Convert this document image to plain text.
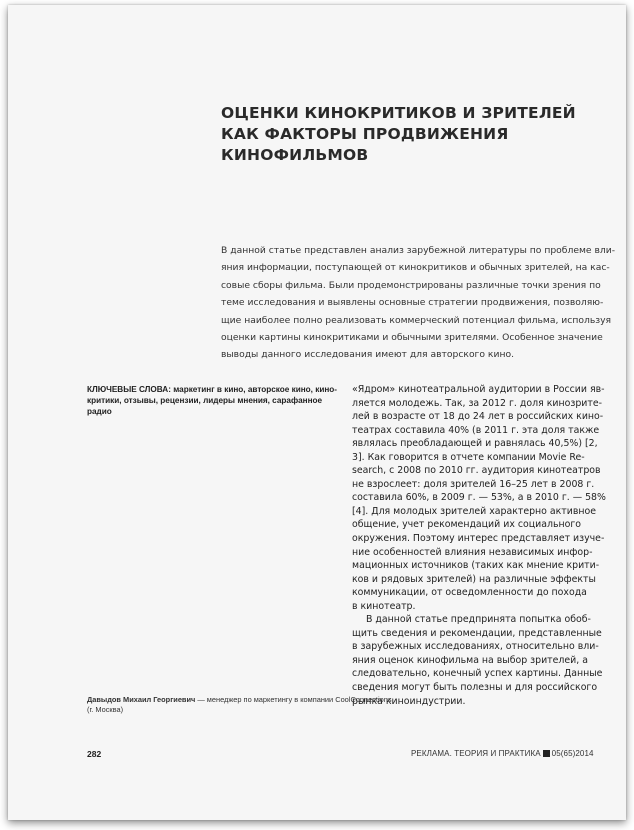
ОЦЕНКИ КИНОКРИТИКОВ И ЗРИТЕЛЕЙ
КАК ФАКТОРЫ ПРОДВИЖЕНИЯ
КИНОФИЛЬМОВ
В данной статье представлен анализ зарубежной литературы по проблеме вли-
яния информации, поступающей от кинокритиков и обычных зрителей, на кас-
совые сборы фильма. Были продемонстрированы различные точки зрения по
теме исследования и выявлены основные стратегии продвижения, позволяю-
щие наиболее полно реализовать коммерческий потенциал фильма, используя
оценки картины кинокритиками и обычными зрителями. Особенное значение
выводы данного исследования имеют для авторского кино.
КЛЮЧЕВЫЕ СЛОВА: маркетинг в кино, авторское кино, кино-
критики, отзывы, рецензии, лидеры мнения, сарафанное
радио
«Ядром» кинотеатральной аудитории в России яв-
ляется молодежь. Так, за 2012 г. доля кинозрите-
лей в возрасте от 18 до 24 лет в российских кино-
театрах составила 40% (в 2011 г. эта доля также
являлась преобладающей и равнялась 40,5%) [2,
3]. Как говорится в отчете компании Movie Re-
search, с 2008 по 2010 гг. аудитория кинотеатров
не взрослеет: доля зрителей 16–25 лет в 2008 г.
составила 60%, в 2009 г. — 53%, а в 2010 г. — 58%
[4]. Для молодых зрителей характерно активное
общение, учет рекомендаций их социального
окружения. Поэтому интерес представляет изуче-
ние особенностей влияния независимых инфор-
мационных источников (таких как мнение крити-
ков и рядовых зрителей) на различные эффекты
коммуникации, от осведомленности до похода
в кинотеатр.
В данной статье предпринята попытка обоб-
щить сведения и рекомендации, представленные
в зарубежных исследованиях, относительно вли-
яния оценок кинофильма на выбор зрителей, а
следовательно, конечный успех картины. Данные
сведения могут быть полезны и для российского
рынка киноиндустрии.
Давыдов Михаил Георгиевич — менеджер по маркетингу в компании CoolConnections
(г. Москва)
282	РЕКЛАМА. ТЕОРИЯ И ПРАКТИКА 05(65)2014
